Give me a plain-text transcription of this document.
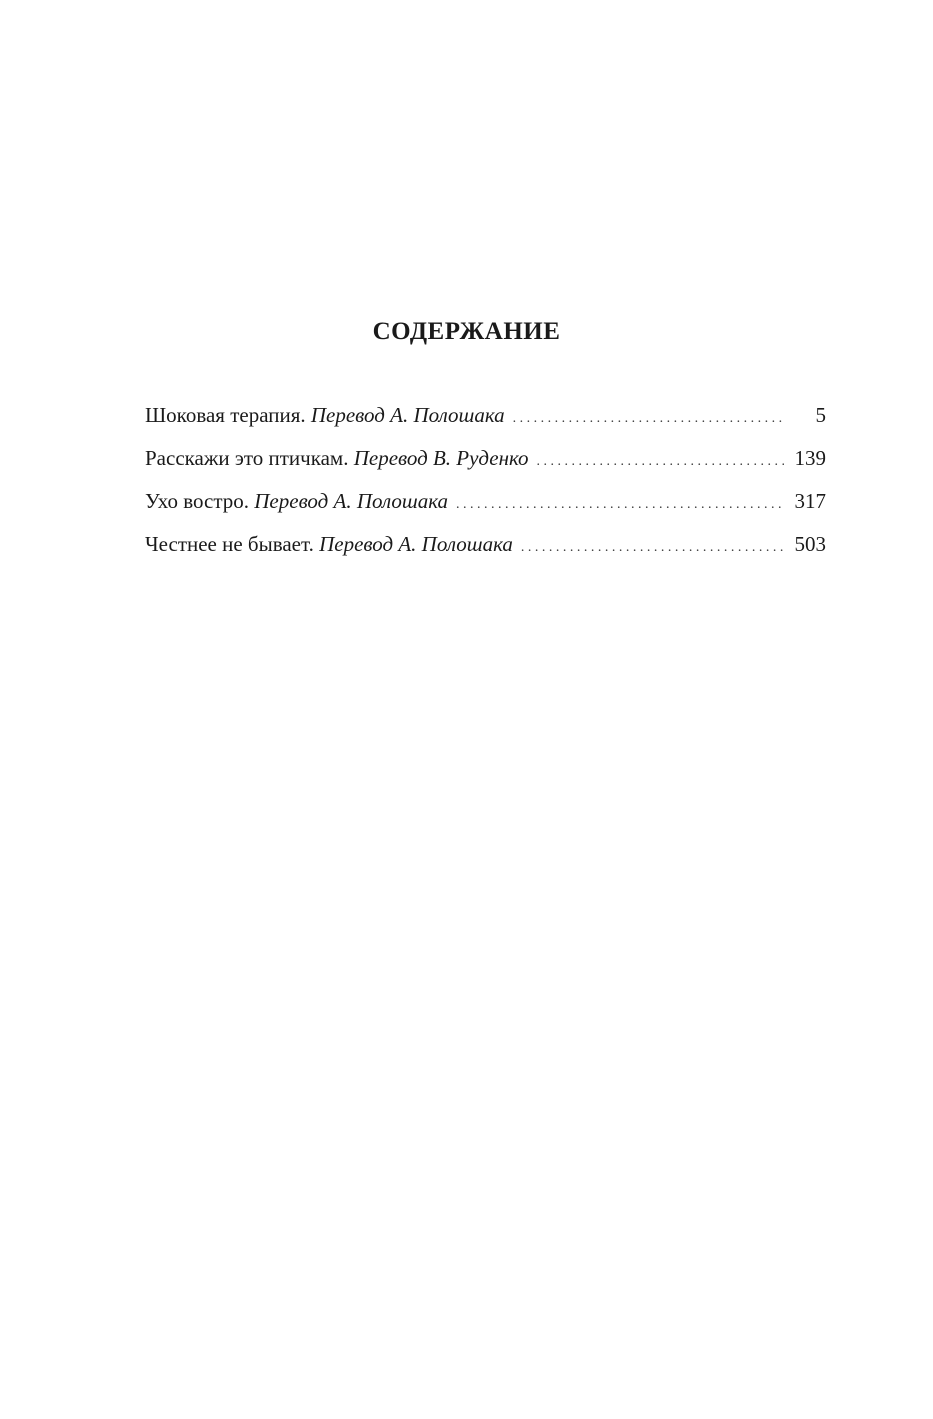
СОДЕРЖАНИЕ
Шоковая терапия. Перевод А. Полошака . . .	5
Расскажи это птичкам. Перевод В. Руденко . . .	139
Ухо востро. Перевод А. Полошака . . .	317
Честнее не бывает. Перевод А. Полошака . . .	503
